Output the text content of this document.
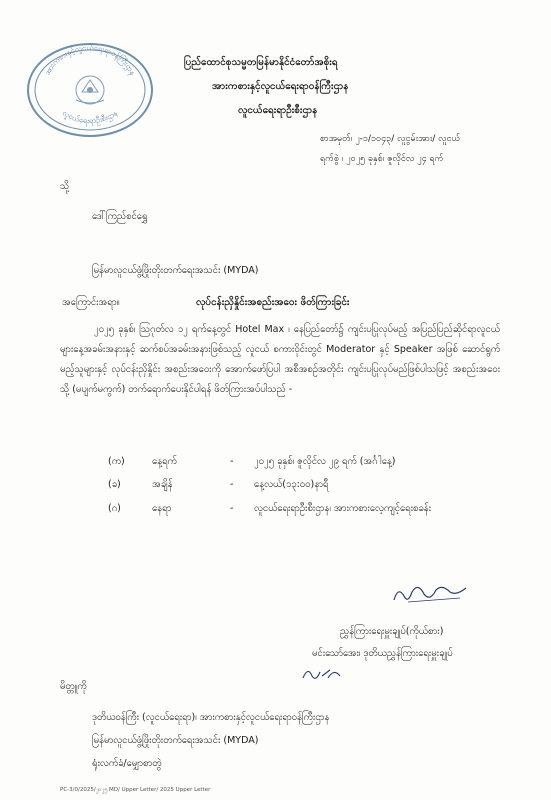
အားကစားနှင့်လူငယ်ရေးရာဝန်ကြီးဌာန
လူငယ်ရေးရာဦးစီးဌာန
ပြည်ထောင်စုသမ္မတမြန်မာနိုင်ငံတော်အစိုးရ
အားကစားနှင့်လူငယ်ရေးရာဝန်ကြီးဌာန
လူငယ်ရေးရာဦးစီးဌာန
စာအမှတ်၊ ၂-၁/၁၀၄၃/ လူငွမ်းအား/ လူငယ်
ရက်စွဲ ၊ ၂၀၂၅ ခုနှစ်၊ ဇူလိုင်လ ၂၄ ရက်
သို့
ဒေါ်ကြည်စင်ရွှေ
မြန်မာလူငယ်ဖွံ့ဖြိုးတိုးတက်ရေးအသင်း (MYDA)
အကြောင်းအရာ။	လုပ်ငန်းညှိနှိုင်းအစည်းအဝေး ဖိတ်ကြားခြင်း
၂၀၂၅ ခုနှစ်၊ ဩဂုတ်လ ၁၂ ရက်နေ့တွင် Hotel Max ၊ နေပြည်တော်၌ ကျင်းပပြုလုပ်မည့် အပြည်ပြည်ဆိုင်ရာလူငယ်များနေ့အခမ်းအနားနှင့် ဆက်စပ်အခမ်းအနားဖြစ်သည့် လူငယ် စကားဝိုင်းတွင် Moderator နှင့် Speaker အဖြစ် ဆောင်ရွက်မည့်သူများနှင့် လုပ်ငန်းညှိနှိုင်း အစည်းအဝေးကို အောက်ဖော်ပြပါ အစီအစဉ်အတိုင်း ကျင်းပပြုလုပ်မည်ဖြစ်ပါသဖြင့် အစည်းအဝေးသို့ (မပျက်မကွက်) တက်ရောက်ပေးနိုင်ပါရန် ဖိတ်ကြားအပ်ပါသည် -
(က)	နေ့ရက်	- ၂၀၂၅ ခုနှစ်၊ ဇူလိုင်လ ၂၉ ရက် (အင်္ဂါနေ့)
(ခ)	အချိန်	- နေ့လယ်(၁၃:၀၀)နာရီ
(ဂ)	နေရာ	- လူငယ်ရေးရာဦးစီးဌာန၊ အားကစားလေ့ကျင့်ရေးစခန်း
ညွှန်ကြားရေးမှူးချုပ်(ကိုယ်စား)
မင်းသော်အေး၊ ဒုတိယညွှန်ကြားရေးမှူးချုပ်
မိတ္တူကို
ဒုတိယဝန်ကြီး (လူငယ်ရေးရာ)၊ အားကစားနှင့်လူငယ်ရေးရာဝန်ကြီးဌာန
မြန်မာလူငယ်ဖွံ့ဖြိုးတိုးတက်ရေးအသင်း (MYDA)
ရုံးလက်ခံ/မျှောစာတွဲ
PC-3/0/2025/၂၀၂၅ MD/ Upper Letter/ 2025 Upper Letter
